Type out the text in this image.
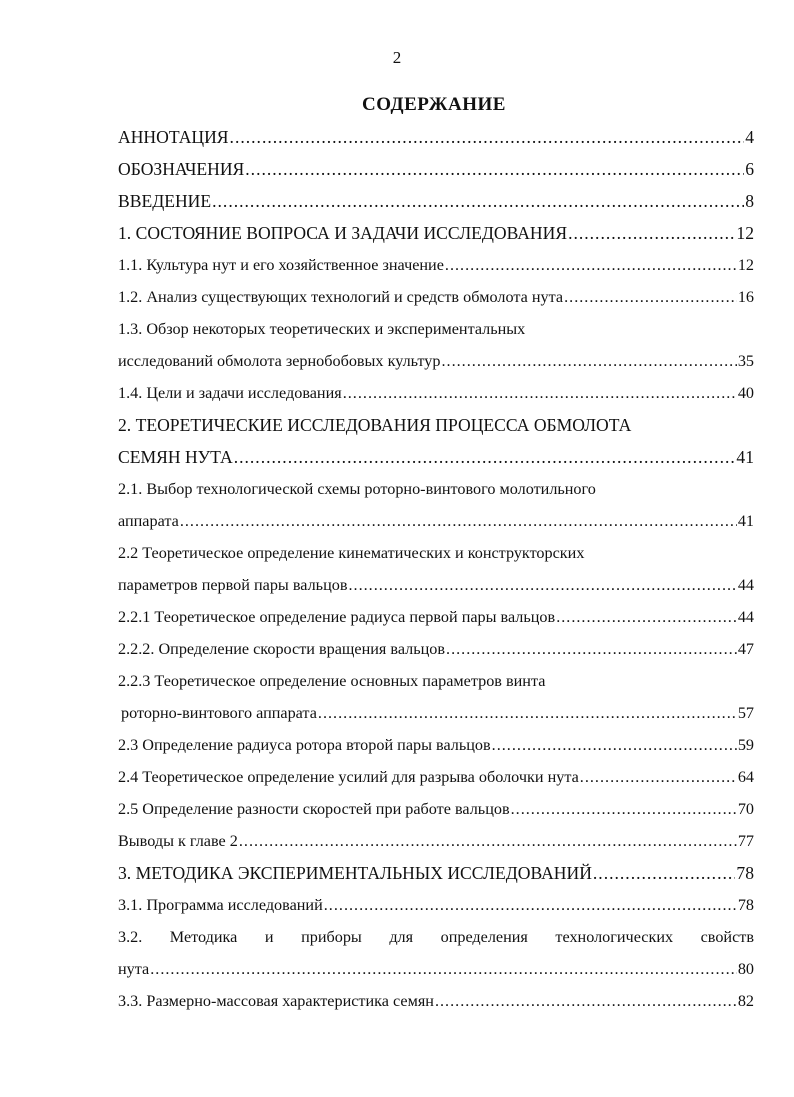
2
СОДЕРЖАНИЕ
АННОТАЦИЯ .....	4
ОБОЗНАЧЕНИЯ .....	6
ВВЕДЕНИЕ .....	8
1. СОСТОЯНИЕ ВОПРОСА И ЗАДАЧИ ИССЛЕДОВАНИЯ .....	12
1.1. Культура нут и его хозяйственное значение .....	12
1.2. Анализ существующих технологий и средств обмолота нута .....	16
1.3. Обзор некоторых теоретических и экспериментальных
исследований обмолота зернобобовых культур .....	35
1.4. Цели и задачи исследования .....	40
2. ТЕОРЕТИЧЕСКИЕ ИССЛЕДОВАНИЯ ПРОЦЕССА ОБМОЛОТА
СЕМЯН НУТА .....	41
2.1. Выбор технологической схемы роторно-винтового молотильного
аппарата .....	41
2.2 Теоретическое определение кинематических и конструкторских
параметров первой пары вальцов .....	44
2.2.1 Теоретическое определение радиуса первой пары вальцов .....	44
2.2.2. Определение скорости вращения вальцов .....	47
2.2.3 Теоретическое определение основных параметров винта
роторно-винтового аппарата .....	57
2.3 Определение радиуса ротора второй пары вальцов .....	59
2.4 Теоретическое определение усилий для разрыва оболочки нута .....	64
2.5 Определение разности скоростей при работе вальцов .....	70
Выводы к главе 2 .....	77
3. МЕТОДИКА ЭКСПЕРИМЕНТАЛЬНЫХ ИССЛЕДОВАНИЙ .....	78
3.1. Программа исследований .....	78
3.2. Методика и приборы для определения технологических свойств
нута .....	80
3.3. Размерно-массовая характеристика семян .....	82
